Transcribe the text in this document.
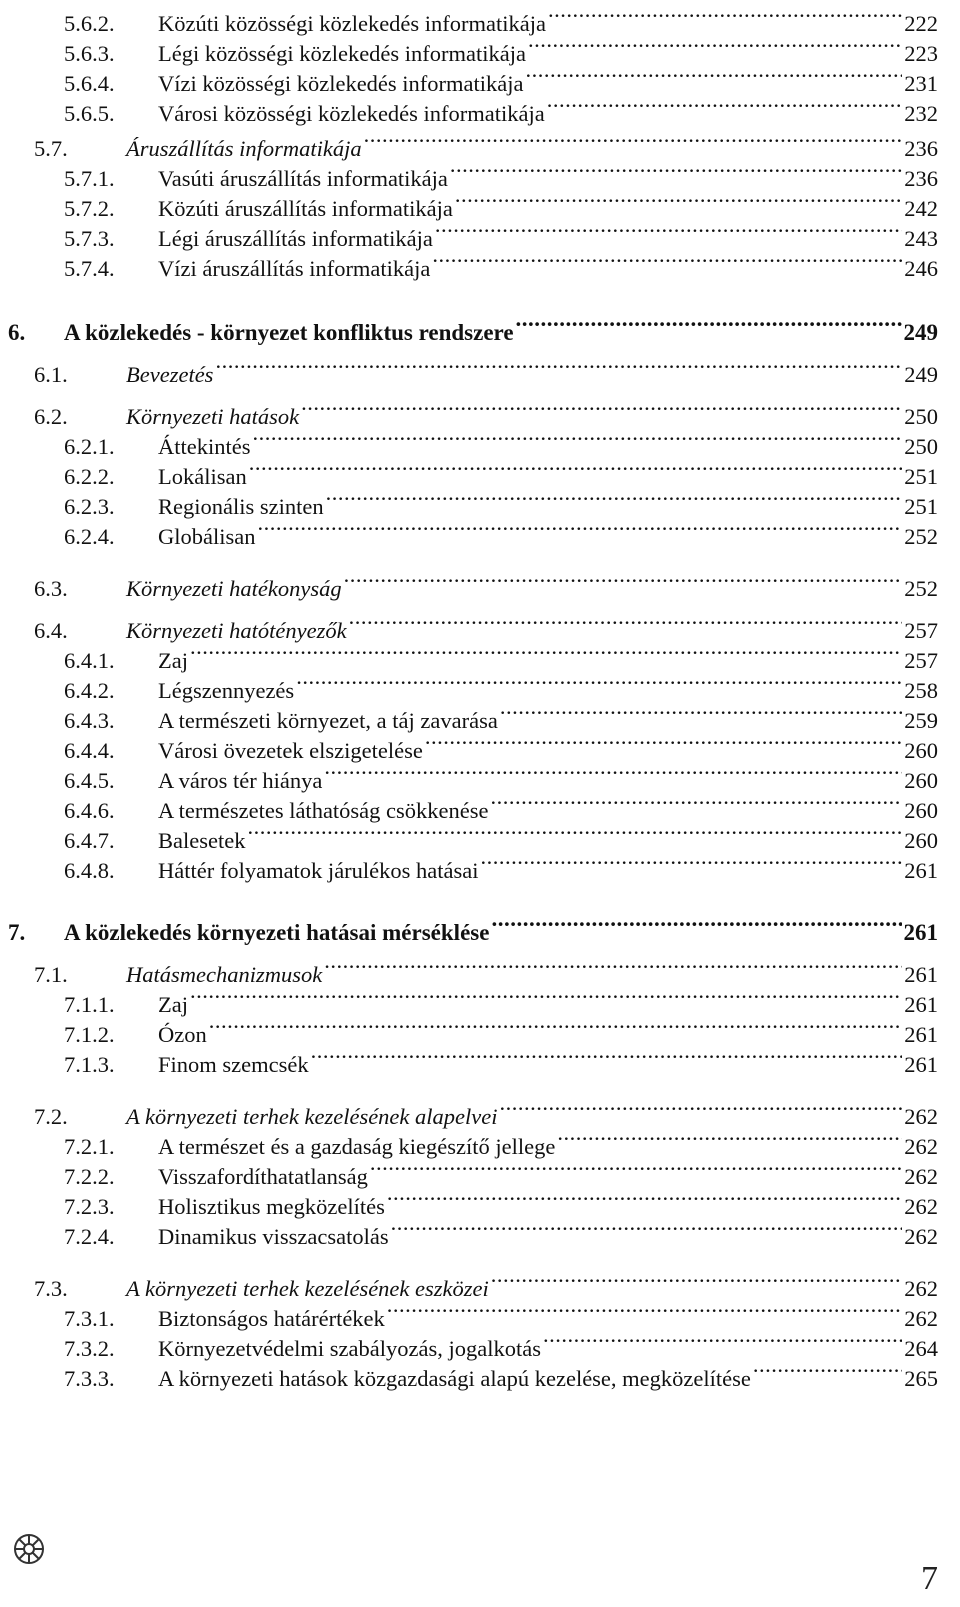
5.6.2.	Közúti közösségi közlekedés informatikája .....	222
5.6.3.	Légi közösségi közlekedés informatikája .....	223
5.6.4.	Vízi közösségi közlekedés informatikája .....	231
5.6.5.	Városi közösségi közlekedés informatikája .....	232
5.7.	Áruszállítás informatikája .....	236
5.7.1.	Vasúti áruszállítás informatikája .....	236
5.7.2.	Közúti áruszállítás informatikája .....	242
5.7.3.	Légi áruszállítás informatikája .....	243
5.7.4.	Vízi áruszállítás informatikája .....	246
6.	A közlekedés - környezet konfliktus rendszere .....	249
6.1.	Bevezetés .....	249
6.2.	Környezeti hatások .....	250
6.2.1.	Áttekintés .....	250
6.2.2.	Lokálisan .....	251
6.2.3.	Regionális szinten .....	251
6.2.4.	Globálisan .....	252
6.3.	Környezeti hatékonyság .....	252
6.4.	Környezeti hatótényezők .....	257
6.4.1.	Zaj .....	257
6.4.2.	Légszennyezés .....	258
6.4.3.	A természeti környezet, a táj zavarása .....	259
6.4.4.	Városi övezetek elszigetelése .....	260
6.4.5.	A város tér hiánya .....	260
6.4.6.	A természetes láthatóság csökkenése .....	260
6.4.7.	Balesetek .....	260
6.4.8.	Háttér folyamatok járulékos hatásai .....	261
7.	A közlekedés környezeti hatásai mérséklése .....	261
7.1.	Hatásmechanizmusok .....	261
7.1.1.	Zaj .....	261
7.1.2.	Ózon .....	261
7.1.3.	Finom szemcsék .....	261
7.2.	A környezeti terhek kezelésének alapelvei .....	262
7.2.1.	A természet és a gazdaság kiegészítő jellege .....	262
7.2.2.	Visszafordíthatatlanság .....	262
7.2.3.	Holisztikus megközelítés .....	262
7.2.4.	Dinamikus visszacsatolás .....	262
7.3.	A környezeti terhek kezelésének eszközei .....	262
7.3.1.	Biztonságos határértékek .....	262
7.3.2.	Környezetvédelmi szabályozás, jogalkotás .....	264
7.3.3.	A környezeti hatások közgazdasági alapú kezelése, megközelítése .....	265
7
